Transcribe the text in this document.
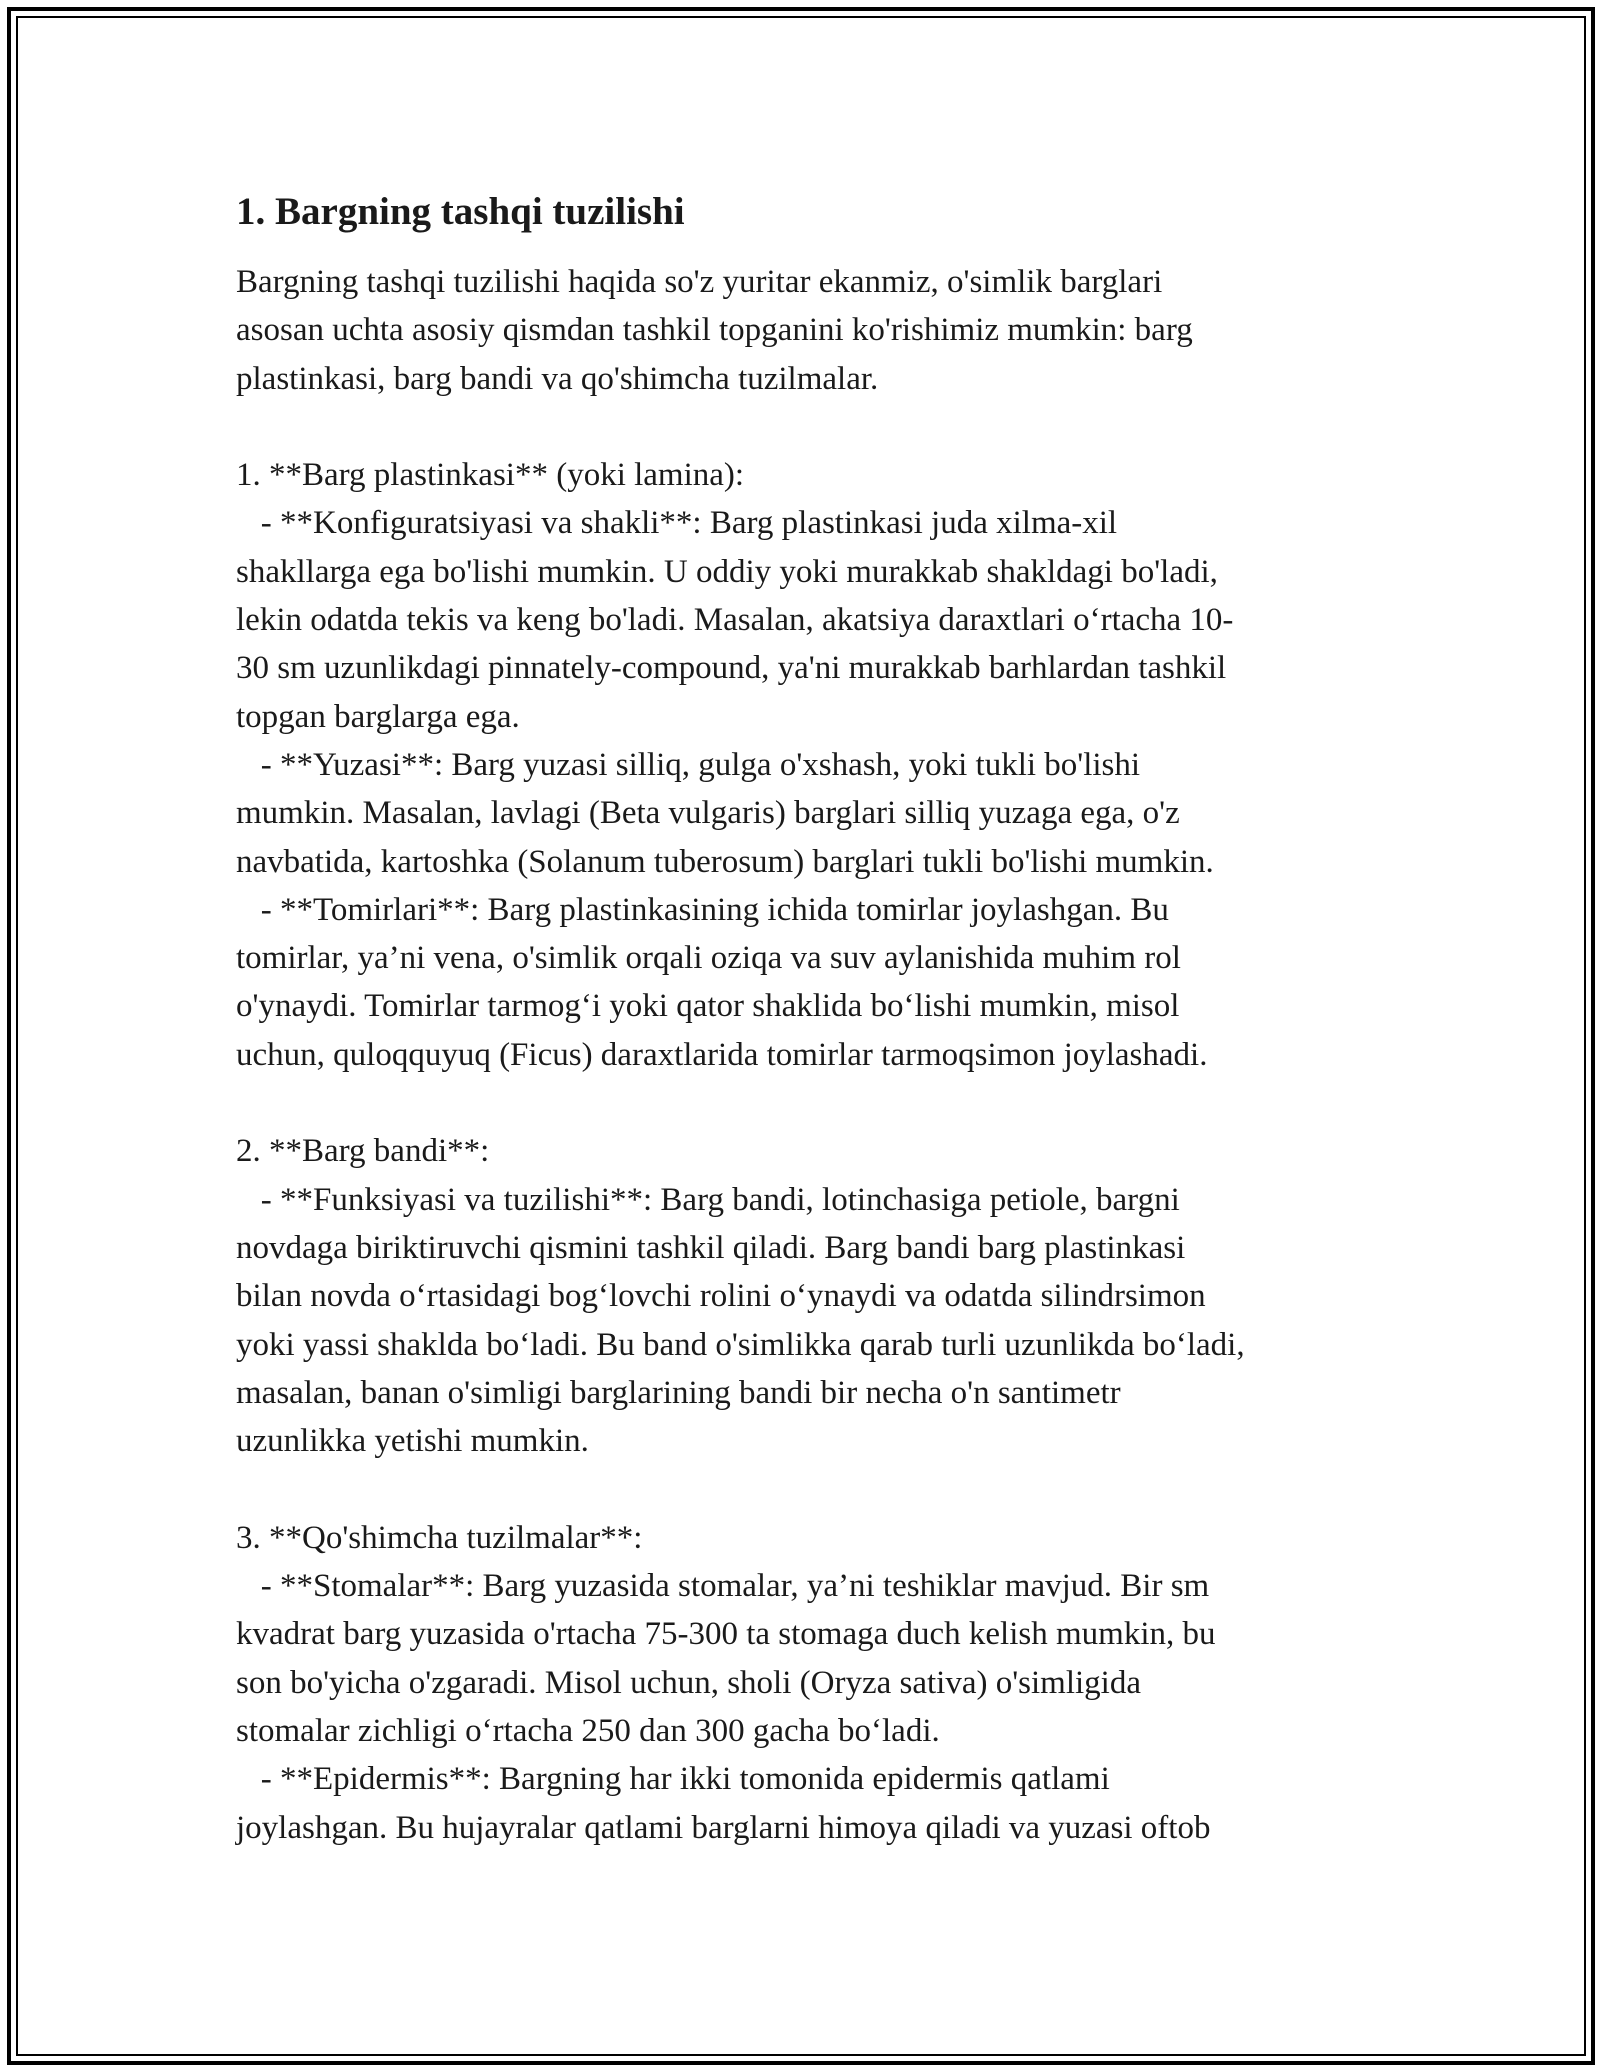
1. Bargning tashqi tuzilishi
Bargning tashqi tuzilishi haqida so'z yuritar ekanmiz, o'simlik barglari
asosan uchta asosiy qismdan tashkil topganini ko'rishimiz mumkin: barg
plastinkasi, barg bandi va qo'shimcha tuzilmalar.
1. **Barg plastinkasi** (yoki lamina):
- **Konfiguratsiyasi va shakli**: Barg plastinkasi juda xilma-xil
shakllarga ega bo'lishi mumkin. U oddiy yoki murakkab shakldagi bo'ladi,
lekin odatda tekis va keng bo'ladi. Masalan, akatsiya daraxtlari o‘rtacha 10-
30 sm uzunlikdagi pinnately-compound, ya'ni murakkab barhlardan tashkil
topgan barglarga ega.
- **Yuzasi**: Barg yuzasi silliq, gulga o'xshash, yoki tukli bo'lishi
mumkin. Masalan, lavlagi (Beta vulgaris) barglari silliq yuzaga ega, o'z
navbatida, kartoshka (Solanum tuberosum) barglari tukli bo'lishi mumkin.
- **Tomirlari**: Barg plastinkasining ichida tomirlar joylashgan. Bu
tomirlar, ya’ni vena, o'simlik orqali oziqa va suv aylanishida muhim rol
o'ynaydi. Tomirlar tarmog‘i yoki qator shaklida bo‘lishi mumkin, misol
uchun, quloqquyuq (Ficus) daraxtlarida tomirlar tarmoqsimon joylashadi.
2. **Barg bandi**:
- **Funksiyasi va tuzilishi**: Barg bandi, lotinchasiga petiole, bargni
novdaga biriktiruvchi qismini tashkil qiladi. Barg bandi barg plastinkasi
bilan novda o‘rtasidagi bog‘lovchi rolini o‘ynaydi va odatda silindrsimon
yoki yassi shaklda bo‘ladi. Bu band o'simlikka qarab turli uzunlikda bo‘ladi,
masalan, banan o'simligi barglarining bandi bir necha o'n santimetr
uzunlikka yetishi mumkin.
3. **Qo'shimcha tuzilmalar**:
- **Stomalar**: Barg yuzasida stomalar, ya’ni teshiklar mavjud. Bir sm
kvadrat barg yuzasida o'rtacha 75-300 ta stomaga duch kelish mumkin, bu
son bo'yicha o'zgaradi. Misol uchun, sholi (Oryza sativa) o'simligida
stomalar zichligi o‘rtacha 250 dan 300 gacha bo‘ladi.
- **Epidermis**: Bargning har ikki tomonida epidermis qatlami
joylashgan. Bu hujayralar qatlami barglarni himoya qiladi va yuzasi oftob
